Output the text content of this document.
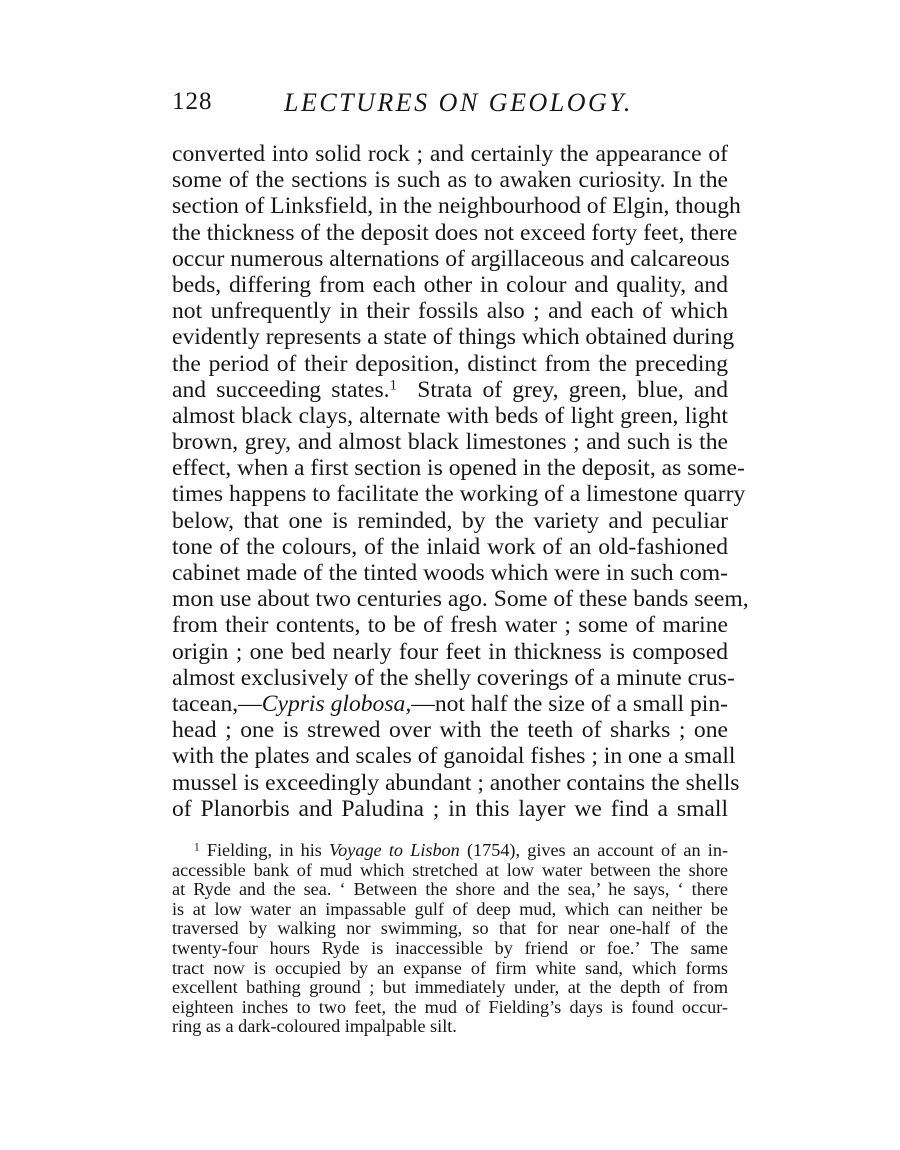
128	LECTURES ON GEOLOGY.
converted into solid rock ; and certainly the appearance of
some of the sections is such as to awaken curiosity. In the
section of Linksfield, in the neighbourhood of Elgin, though
the thickness of the deposit does not exceed forty feet, there
occur numerous alternations of argillaceous and calcareous
beds, differing from each other in colour and quality, and
not unfrequently in their fossils also ; and each of which
evidently represents a state of things which obtained during
the period of their deposition, distinct from the preceding
and succeeding states.$^1$  Strata of grey, green, blue, and
almost black clays, alternate with beds of light green, light
brown, grey, and almost black limestones ; and such is the
effect, when a first section is opened in the deposit, as some-
times happens to facilitate the working of a limestone quarry
below, that one is reminded, by the variety and peculiar
tone of the colours, of the inlaid work of an old-fashioned
cabinet made of the tinted woods which were in such com-
mon use about two centuries ago. Some of these bands seem,
from their contents, to be of fresh water ; some of marine
origin ; one bed nearly four feet in thickness is composed
almost exclusively of the shelly coverings of a minute crus-
tacean,—Cypris globosa,—not half the size of a small pin-
head ; one is strewed over with the teeth of sharks ; one
with the plates and scales of ganoidal fishes ; in one a small
mussel is exceedingly abundant ; another contains the shells
of Planorbis and Paludina ; in this layer we find a small
$^1$ Fielding, in his Voyage to Lisbon (1754), gives an account of an in-
accessible bank of mud which stretched at low water between the shore
at Ryde and the sea. ‘ Between the shore and the sea,’ he says, ‘ there
is at low water an impassable gulf of deep mud, which can neither be
traversed by walking nor swimming, so that for near one-half of the
twenty-four hours Ryde is inaccessible by friend or foe.’ The same
tract now is occupied by an expanse of firm white sand, which forms
excellent bathing ground ; but immediately under, at the depth of from
eighteen inches to two feet, the mud of Fielding’s days is found occur-
ring as a dark-coloured impalpable silt.
